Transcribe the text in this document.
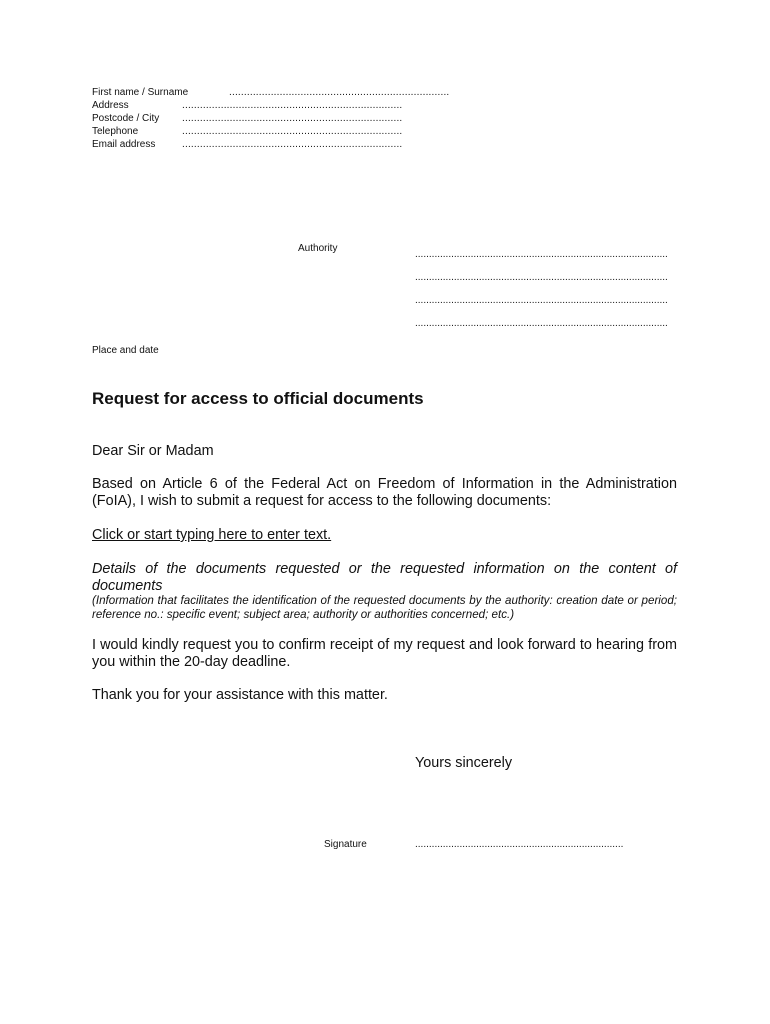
First name / Surname	..........................................................................
Address	..........................................................................
Postcode / City ..........................................................................
Telephone	..........................................................................
Email address	..........................................................................
Authority
...........................................................................................
...........................................................................................
...........................................................................................
...........................................................................................
Place and date
Request for access to official documents

Dear Sir or Madam

Based on Article 6 of the Federal Act on Freedom of Information in the Administration (FoIA), I wish to submit a request for access to the following documents:

Click or start typing here to enter text.

Details of the documents requested or the requested information on the content of documents

(Information that facilitates the identification of the requested documents by the authority: creation date or period; reference no.: specific event; subject area; authority or authorities concerned; etc.)

I would kindly request you to confirm receipt of my request and look forward to hearing from you within the 20-day deadline.

Thank you for your assistance with this matter.

Yours sincerely
Signature	...........................................................................
